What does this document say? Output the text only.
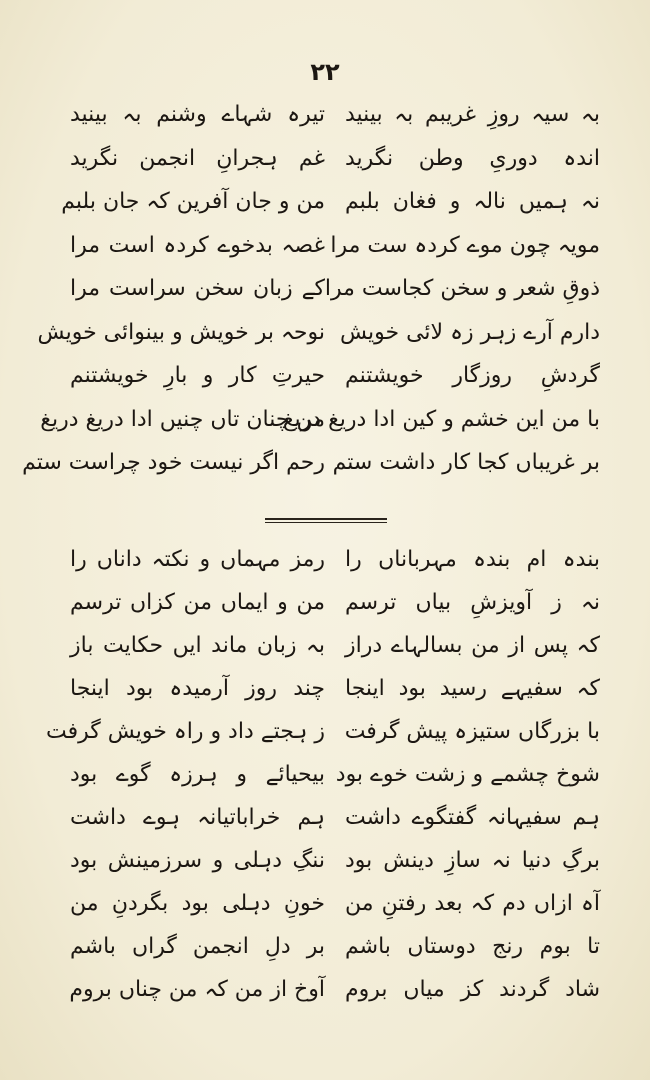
۲۲
بہ سیہ روزِ غریبم بہ بینید
اندہ دوریِ وطن نگرید
نہ ہمیں نالہ و فغان بلبم
مویہ چون موے کردہ ست مرا
ذوقِ شعر و سخن کجاست مرا
دارم آرے زہر زہ لائی خویش
گردشِ روزگار خویشتنم
با من این خشم و کین ادا دریغ دریغ
بر غریباں کجا کار داشت ستم
تیرہ شہاے وشنم بہ بینید
غم ہجرانِ انجمن نگرید
من و جان آفرین کہ جان بلبم
غصہ بدخوے کردہ است مرا
کے زبان سخن سراست مرا
نوحہ بر خویش و بینوائی خویش
حیرتِ کار و بارِ خویشتنم
من چنان تاں چنیں ادا دریغ دریغ
رحم اگر نیست خود چراست ستم
بندہ ام بندہ مہرباناں را
نہ ز آویزشِ بیاں ترسم
کہ پس از من بسالہاے دراز
کہ سفیہے رسید بود اینجا
با بزرگاں ستیزہ پیش گرفت
شوخ چشمے و زشت خوے بود
ہم سفیہانہ گفتگوے داشت
برگِ دنیا نہ سازِ دینش بود
آہ ازاں دم کہ بعد رفتنِ من
تا بوم رنج دوستاں باشم
شاد گردند کز میاں بروم
رمز مہماں و نکتہ داناں را
من و ایماں من کزاں ترسم
بہ زبان ماند ایں حکایت باز
چند روز آرمیدہ بود اینجا
ز ہجتے داد و راہ خویش گرفت
بیحیائے و ہرزہ گوے بود
ہم خراباتیانہ ہوے داشت
ننگِ دہلی و سرزمینش بود
خونِ دہلی بود بگردنِ من
بر دلِ انجمن گراں باشم
آوخ از من کہ من چناں بروم
